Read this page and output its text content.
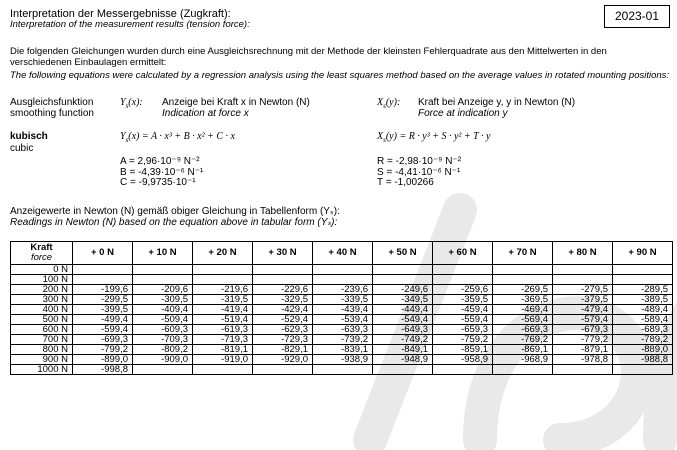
Interpretation der Messergebnisse (Zugkraft):
Interpretation of the measurement results (tension force):
2023-01
Die folgenden Gleichungen wurden durch eine Ausgleichsrechnung mit der Methode der kleinsten Fehlerquadrate aus den Mittelwerten in den verschiedenen Einbaulagen ermittelt:
The following equations were calculated by a regression analysis using the least squares method based on the average values in rotated mounting positions:
Ausgleichsfunktion
smoothing function
$Y_s(x)$: Anzeige bei Kraft x in Newton (N)
Indication at force x
$X_s(y)$: Kraft bei Anzeige y, y in Newton (N)
Force at indication y
kubisch
cubic
$Y_s(x) = A \cdot x^3 + B \cdot x^2 + C \cdot x$	$X_s(y) = R \cdot y^3 + S \cdot y^2 + T \cdot y$
A = 2,96·10⁻⁹ N⁻²
B = -4,39·10⁻⁶ N⁻¹
C = -9,9735·10⁻¹
R = -2,98·10⁻⁹ N⁻²
S = -4,41·10⁻⁶ N⁻¹
T = -1,00266
Anzeigewerte in Newton (N) gemäß obiger Gleichung in Tabellenform (Yₛ):
Readings in Newton (N) based on the equation above in tabular form (Yₛ):
Kraft
force	+ 0 N	+ 10 N	+ 20 N	+ 30 N	+ 40 N	+ 50 N	+ 60 N	+ 70 N	+ 80 N	+ 90 N
0 N										
100 N										
200 N	-199,6	-209,6	-219,6	-229,6	-239,6	-249,6	-259,6	-269,5	-279,5	-289,5
300 N	-299,5	-309,5	-319,5	-329,5	-339,5	-349,5	-359,5	-369,5	-379,5	-389,5
400 N	-399,5	-409,4	-419,4	-429,4	-439,4	-449,4	-459,4	-469,4	-479,4	-489,4
500 N	-499,4	-509,4	-519,4	-529,4	-539,4	-549,4	-559,4	-569,4	-579,4	-589,4
600 N	-599,4	-609,3	-619,3	-629,3	-639,3	-649,3	-659,3	-669,3	-679,3	-689,3
700 N	-699,3	-709,3	-719,3	-729,3	-739,2	-749,2	-759,2	-769,2	-779,2	-789,2
800 N	-799,2	-809,2	-819,1	-829,1	-839,1	-849,1	-859,1	-869,1	-879,1	-889,0
900 N	-899,0	-909,0	-919,0	-929,0	-938,9	-948,9	-958,9	-968,9	-978,8	-988,8
1000 N	-998,8									
